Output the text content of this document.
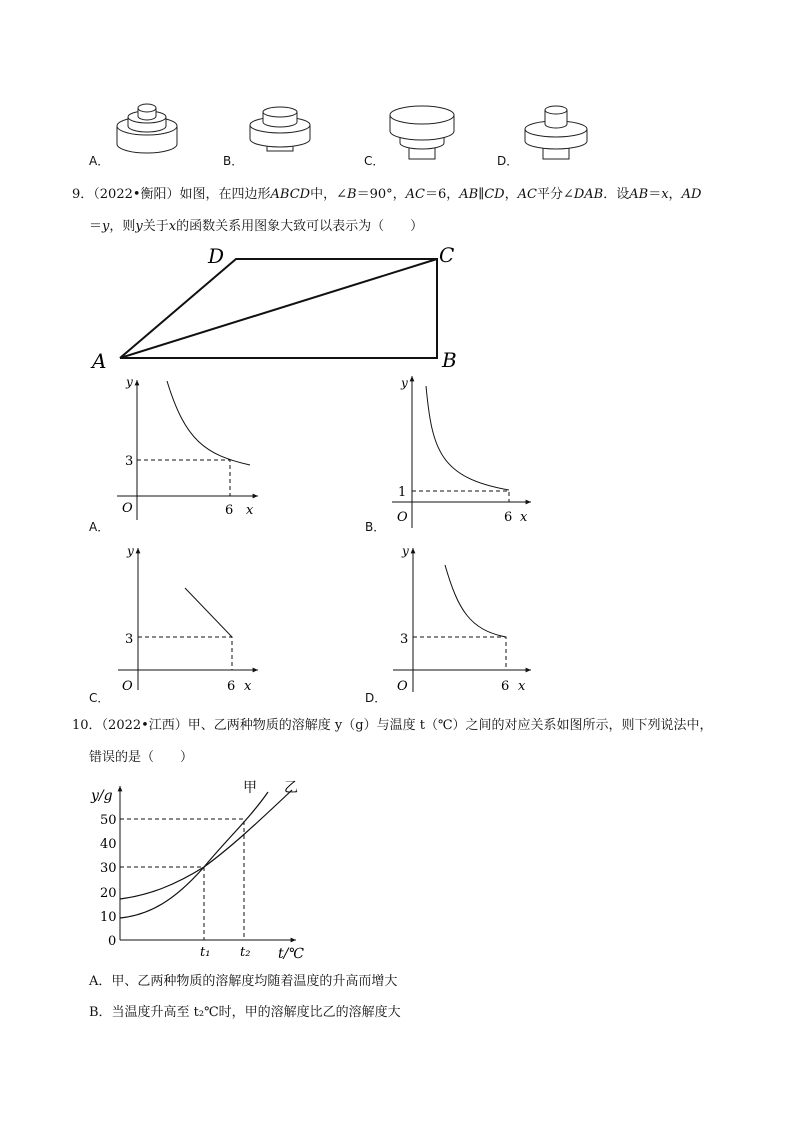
A．	B．	C．	D．
9．（2022•衡阳）如图，在四边形ABCD中，∠B＝90°，AC＝6，AB∥CD，AC平分∠DAB．设AB＝x，AD
＝y，则y关于x的函数关系用图象大致可以表示为（　　）
A	B
C
D
y
3
6 x
O
y
1
6 x
O
y
3
6 x
O
y
3
6 x
O
A．	B．
C．	D．
10．（2022•江西）甲、乙两种物质的溶解度 y（g）与温度 t（℃）之间的对应关系如图所示，则下列说法中，
错误的是（　　）
y/g
t/℃
0
10
20
30
40
50
甲 乙
t₁ t₂
A．甲、乙两种物质的溶解度均随着温度的升高而增大
B．当温度升高至 t₂℃时，甲的溶解度比乙的溶解度大
